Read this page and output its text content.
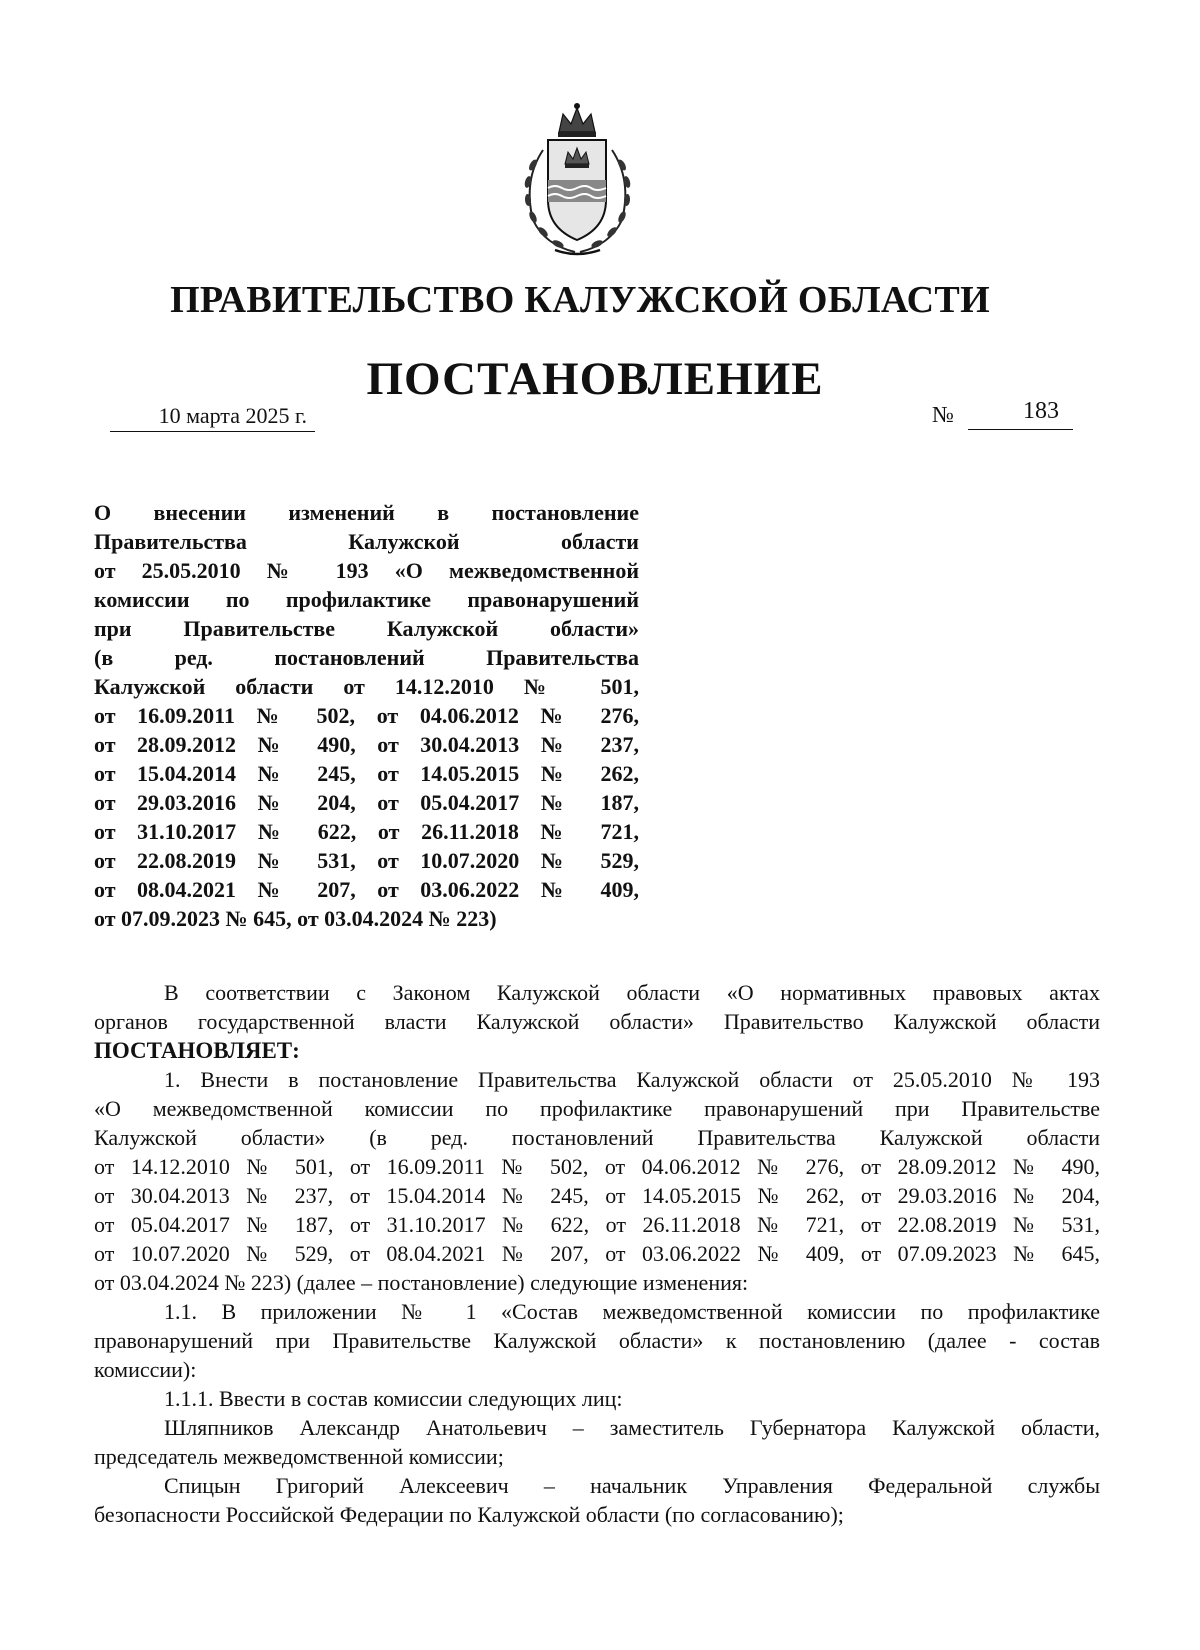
ПРАВИТЕЛЬСТВО КАЛУЖСКОЙ ОБЛАСТИ
ПОСТАНОВЛЕНИЕ
10 марта 2025 г.	№	183
О внесении изменений в постановление
Правительства Калужской области
от 25.05.2010 № 193 «О межведомственной
комиссии по профилактике правонарушений
при Правительстве Калужской области»
(в ред. постановлений Правительства
Калужской области от 14.12.2010 № 501,
от 16.09.2011 № 502, от 04.06.2012 № 276,
от 28.09.2012 № 490, от 30.04.2013 № 237,
от 15.04.2014 № 245, от 14.05.2015 № 262,
от 29.03.2016 № 204, от 05.04.2017 № 187,
от 31.10.2017 № 622, от 26.11.2018 № 721,
от 22.08.2019 № 531, от 10.07.2020 № 529,
от 08.04.2021 № 207, от 03.06.2022 № 409,
от 07.09.2023 № 645, от 03.04.2024 № 223)
В соответствии с Законом Калужской области «О нормативных правовых актах
органов государственной власти Калужской области» Правительство Калужской области
ПОСТАНОВЛЯЕТ:
1. Внести в постановление Правительства Калужской области от 25.05.2010 № 193
«О межведомственной комиссии по профилактике правонарушений при Правительстве
Калужской области» (в ред. постановлений Правительства Калужской области
от 14.12.2010 № 501, от 16.09.2011 № 502, от 04.06.2012 № 276, от 28.09.2012 № 490,
от 30.04.2013 № 237, от 15.04.2014 № 245, от 14.05.2015 № 262, от 29.03.2016 № 204,
от 05.04.2017 № 187, от 31.10.2017 № 622, от 26.11.2018 № 721, от 22.08.2019 № 531,
от 10.07.2020 № 529, от 08.04.2021 № 207, от 03.06.2022 № 409, от 07.09.2023 № 645,
от 03.04.2024 № 223) (далее – постановление) следующие изменения:
1.1. В приложении № 1 «Состав межведомственной комиссии по профилактике
правонарушений при Правительстве Калужской области» к постановлению (далее - состав
комиссии):
1.1.1. Ввести в состав комиссии следующих лиц:
Шляпников Александр Анатольевич – заместитель Губернатора Калужской области,
председатель межведомственной комиссии;
Спицын Григорий Алексеевич – начальник Управления Федеральной службы
безопасности Российской Федерации по Калужской области (по согласованию);
